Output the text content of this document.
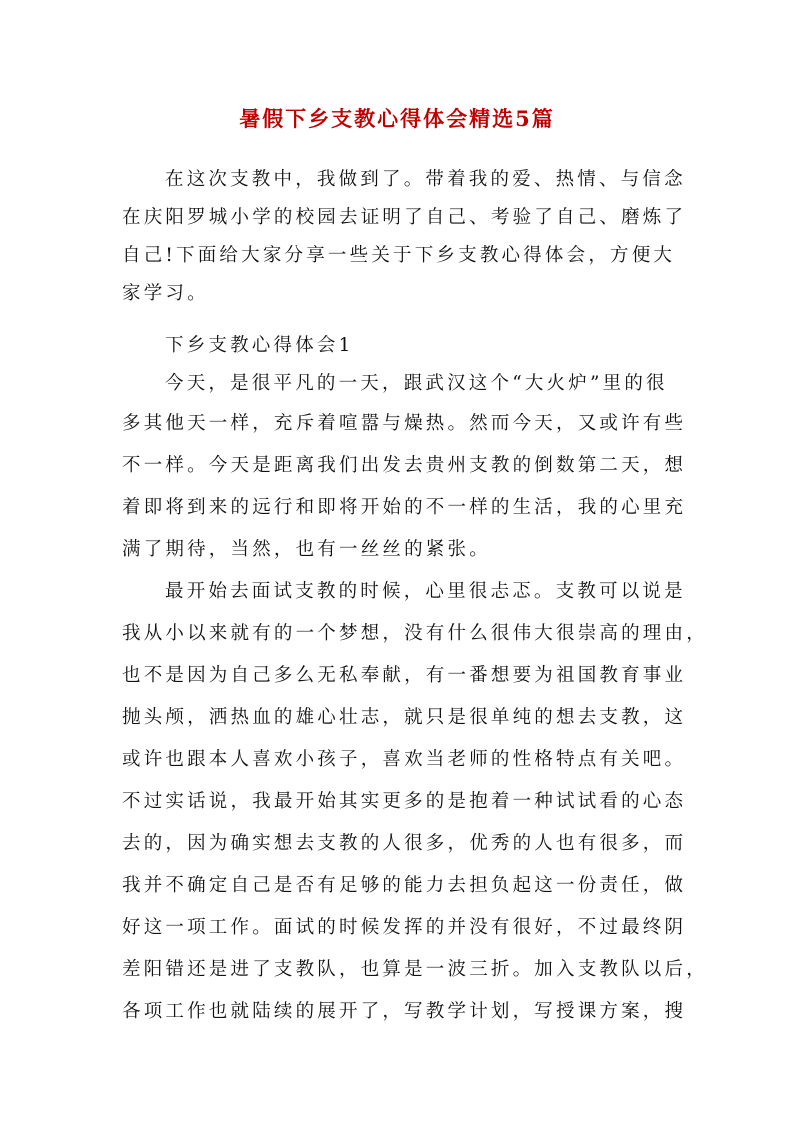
暑假下乡支教心得体会精选5篇
在这次支教中，我做到了。带着我的爱、热情、与信念
在庆阳罗城小学的校园去证明了自己、考验了自己、磨炼了
自己!下面给大家分享一些关于下乡支教心得体会，方便大
家学习。
下乡支教心得体会1
今天，是很平凡的一天，跟武汉这个“大火炉”里的很
多其他天一样，充斥着喧嚣与燥热。然而今天，又或许有些
不一样。今天是距离我们出发去贵州支教的倒数第二天，想
着即将到来的远行和即将开始的不一样的生活，我的心里充
满了期待，当然，也有一丝丝的紧张。
最开始去面试支教的时候，心里很忐忑。支教可以说是
我从小以来就有的一个梦想，没有什么很伟大很崇高的理由，
也不是因为自己多么无私奉献，有一番想要为祖国教育事业
抛头颅，洒热血的雄心壮志，就只是很单纯的想去支教，这
或许也跟本人喜欢小孩子，喜欢当老师的性格特点有关吧。
不过实话说，我最开始其实更多的是抱着一种试试看的心态
去的，因为确实想去支教的人很多，优秀的人也有很多，而
我并不确定自己是否有足够的能力去担负起这一份责任，做
好这一项工作。面试的时候发挥的并没有很好，不过最终阴
差阳错还是进了支教队，也算是一波三折。加入支教队以后，
各项工作也就陆续的展开了，写教学计划，写授课方案，搜
